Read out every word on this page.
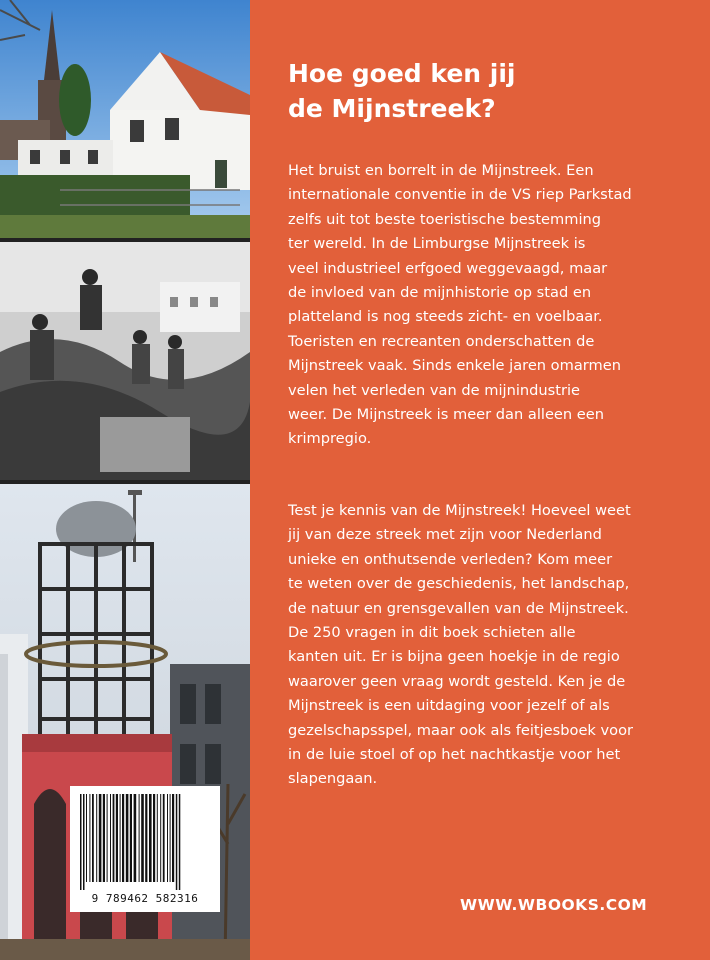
9 789462 582316
Hoe goed ken jij
de Mijnstreek?

Het bruist en borrelt in de Mijnstreek. Een
internationale conventie in de VS riep Parkstad
zelfs uit tot beste toeristische bestemming
ter wereld. In de Limburgse Mijnstreek is
veel industrieel erfgoed weggevaagd, maar
de invloed van de mijnhistorie op stad en
platteland is nog steeds zicht- en voelbaar.
Toeristen en recreanten onderschatten de
Mijnstreek vaak. Sinds enkele jaren omarmen
velen het verleden van de mijnindustrie
weer. De Mijnstreek is meer dan alleen een
krimpregio.

Test je kennis van de Mijnstreek! Hoeveel weet
jij van deze streek met zijn voor Nederland
unieke en onthutsende verleden? Kom meer
te weten over de geschiedenis, het landschap,
de natuur en grensgevallen van de Mijnstreek.
De 250 vragen in dit boek schieten alle
kanten uit. Er is bijna geen hoekje in de regio
waarover geen vraag wordt gesteld. Ken je de
Mijnstreek is een uitdaging voor jezelf of als
gezelschapsspel, maar ook als feitjesboek voor
in de luie stoel of op het nachtkastje voor het
slapengaan.

WWW.WBOOKS.COM
